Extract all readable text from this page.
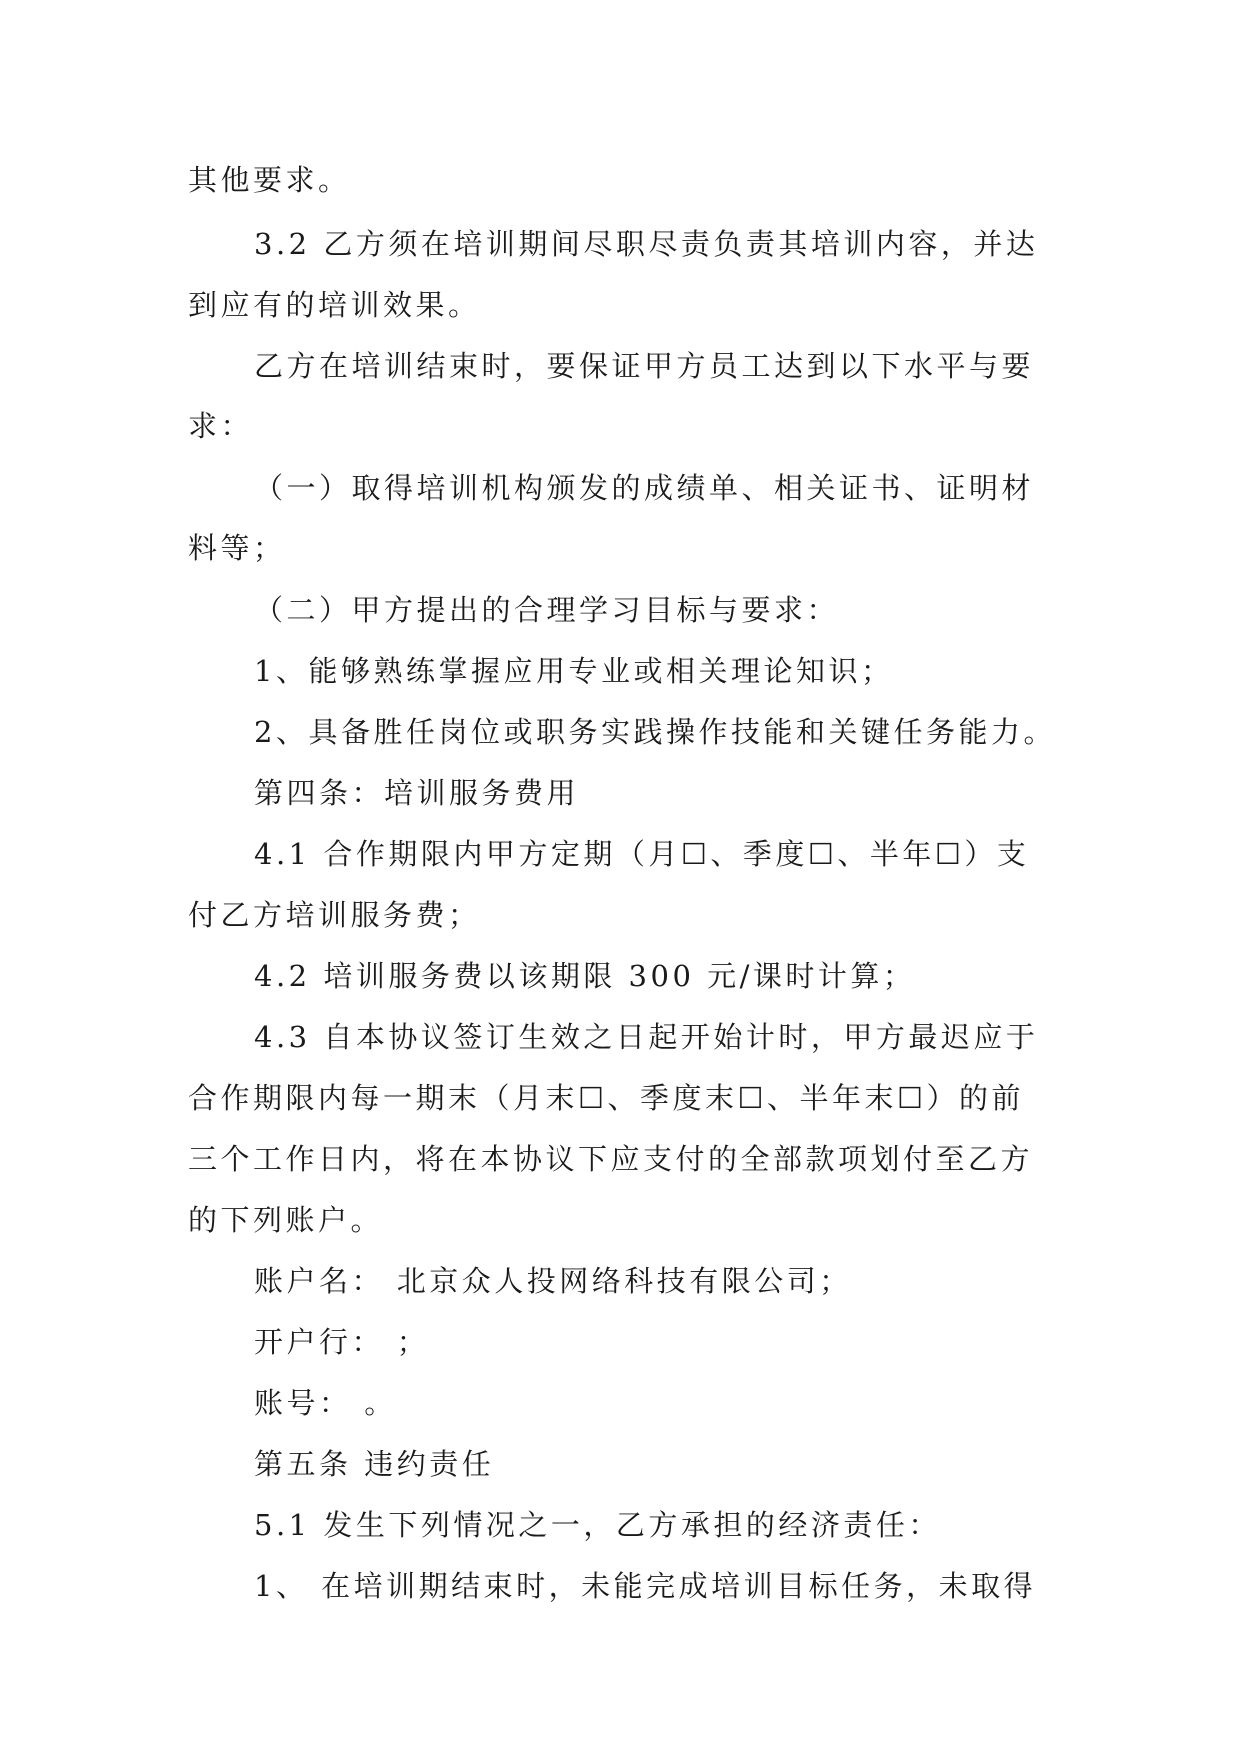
其他要求。
3.2 乙方须在培训期间尽职尽责负责其培训内容，并达
到应有的培训效果。
乙方在培训结束时，要保证甲方员工达到以下水平与要
求：
（一）取得培训机构颁发的成绩单、相关证书、证明材
料等；
（二）甲方提出的合理学习目标与要求：
1、能够熟练掌握应用专业或相关理论知识；
2、具备胜任岗位或职务实践操作技能和关键任务能力。
第四条：培训服务费用
4.1 合作期限内甲方定期（月☐、季度☐、半年☐）支
付乙方培训服务费；
4.2 培训服务费以该期限 300 元/课时计算；
4.3 自本协议签订生效之日起开始计时，甲方最迟应于
合作期限内每一期末（月末☐、季度末☐、半年末☐）的前
三个工作日内，将在本协议下应支付的全部款项划付至乙方
的下列账户。
账户名： 北京众人投网络科技有限公司；
开户行： ；
账号： 。
第五条 违约责任
5.1 发生下列情况之一，乙方承担的经济责任：
1、 在培训期结束时，未能完成培训目标任务，未取得
